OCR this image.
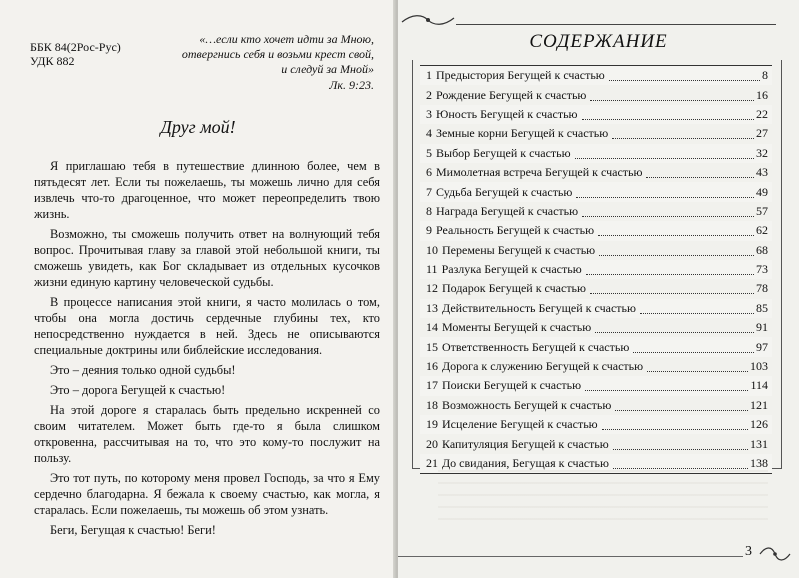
ББК 84(2Рос-Рус)
УДК 882
«…если кто хочет идти за Мною,
отвергнись себя и возьми крест свой,
и следуй за Мной»
Лк. 9:23.
Друг мой!

Я приглашаю тебя в путешествие длинною более, чем в пятьдесят лет. Если ты пожелаешь, ты можешь лично для себя извлечь что-то драгоценное, что может переопределить твою жизнь.

Возможно, ты сможешь получить ответ на волнующий тебя вопрос. Прочитывая главу за главой этой небольшой книги, ты сможешь увидеть, как Бог складывает из отдельных кусочков жизни единую картину человеческой судьбы.

В процессе написания этой книги, я часто молилась о том, чтобы она могла достичь сердечные глубины тех, кто непосредственно нуждается в ней. Здесь не описываются специальные доктрины или библейские исследования.

Это – деяния только одной судьбы!

Это – дорога Бегущей к счастью!

На этой дороге я старалась быть предельно искренней со своим читателем. Может быть где-то я была слишком откровенна, рассчитывая на то, что это кому-то послужит на пользу.

Это тот путь, по которому меня провел Господь, за что я Ему сердечно благодарна. Я бежала к своему счастью, как могла, я старалась. Если пожелаешь, ты можешь об этом узнать.

Беги, Бегущая к счастью! Беги!

СОДЕРЖАНИЕ
1 Предыстория Бегущей к счастью	8
2 Рождение Бегущей к счастью	16
3 Юность Бегущей к счастью	22
4 Земные корни Бегущей к счастью	27
5 Выбор Бегущей к счастью	32
6 Мимолетная встреча Бегущей к счастью	43
7 Судьба Бегущей к счастью	49
8 Награда Бегущей к счастью	57
9 Реальность Бегущей к счастью	62
10 Перемены Бегущей к счастью	68
11 Разлука Бегущей к счастью	73
12 Подарок Бегущей к счастью	78
13 Действительность Бегущей к счастью	85
14 Моменты Бегущей к счастью	91
15 Ответственность Бегущей к счастью	97
16 Дорога к служению Бегущей к счастью	103
17 Поиски Бегущей к счастью	114
18 Возможность Бегущей к счастью	121
19 Исцеление Бегущей к счастью	126
20 Капитуляция Бегущей к счастью	131
21 До свидания, Бегущая к счастью	138
3
